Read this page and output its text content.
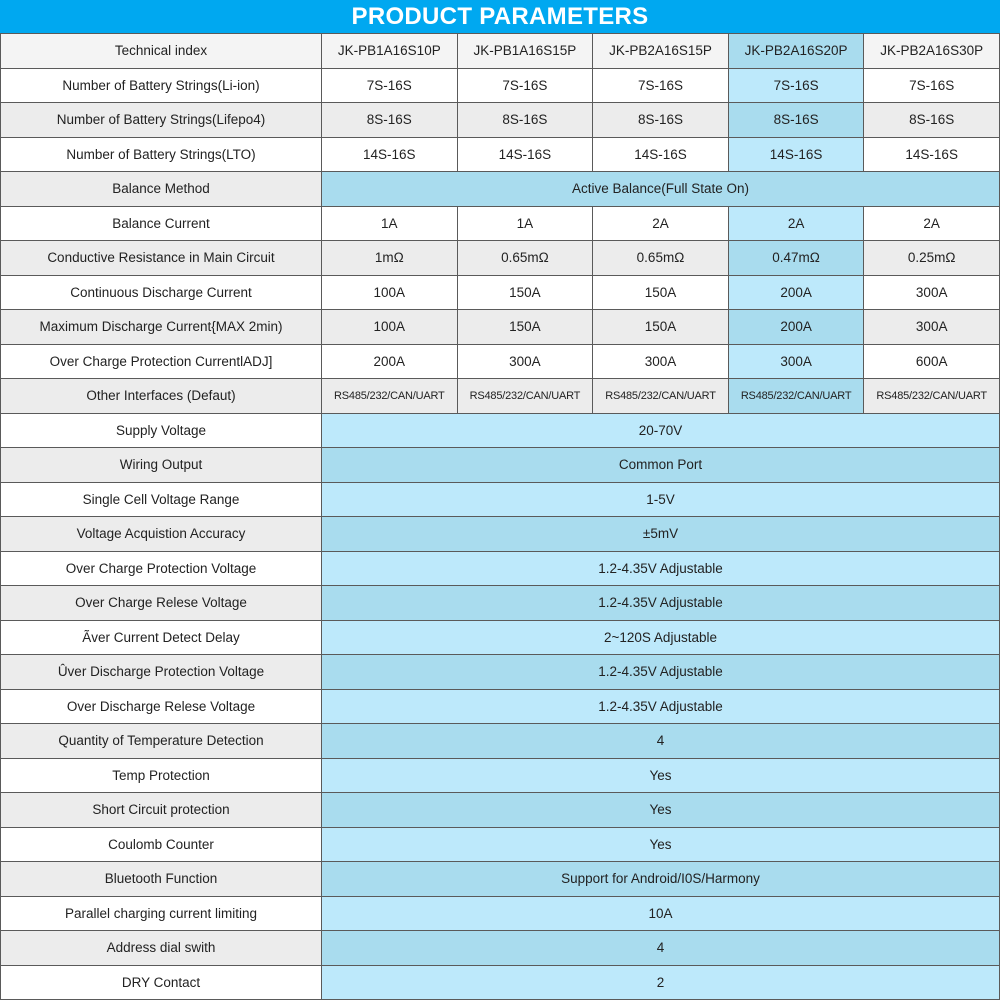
PRODUCT PARAMETERS
Technical index	JK-PB1A16S10P	JK-PB1A16S15P	JK-PB2A16S15P	JK-PB2A16S20P	JK-PB2A16S30P
Number of Battery Strings(Li-ion)	7S-16S	7S-16S	7S-16S	7S-16S	7S-16S
Number of Battery Strings(Lifepo4)	8S-16S	8S-16S	8S-16S	8S-16S	8S-16S
Number of Battery Strings(LTO)	14S-16S	14S-16S	14S-16S	14S-16S	14S-16S
Balance Method	Active Balance(Full State On)				
Balance Current	1A	1A	2A	2A	2A
Conductive Resistance in Main Circuit	1mΩ	0.65mΩ	0.65mΩ	0.47mΩ	0.25mΩ
Continuous Discharge Current	100A	150A	150A	200A	300A
Maximum Discharge Current{MAX 2min)	100A	150A	150A	200A	300A
Over Charge Protection CurrentlADJ]	200A	300A	300A	300A	600A
Other Interfaces (Defaut)	RS485/232/CAN/UART	RS485/232/CAN/UART	RS485/232/CAN/UART	RS485/232/CAN/UART	RS485/232/CAN/UART
Supply Voltage	20-70V				
Wiring Output	Common Port				
Single Cell Voltage Range	1-5V				
Voltage Acquistion Accuracy	±5mV				
Over Charge Protection Voltage	1.2-4.35V Adjustable				
Over Charge Relese Voltage	1.2-4.35V Adjustable				
Ãver Current Detect Delay	2~120S Adjustable				
Ûver Discharge Protection Voltage	1.2-4.35V Adjustable				
Over Discharge Relese Voltage	1.2-4.35V Adjustable				
Quantity of Temperature Detection	4				
Temp Protection	Yes				
Short Circuit protection	Yes				
Coulomb Counter	Yes				
Bluetooth Function	Support for Android/I0S/Harmony				
Parallel charging current limiting	10A				
Address dial swith	4				
DRY Contact	2				
